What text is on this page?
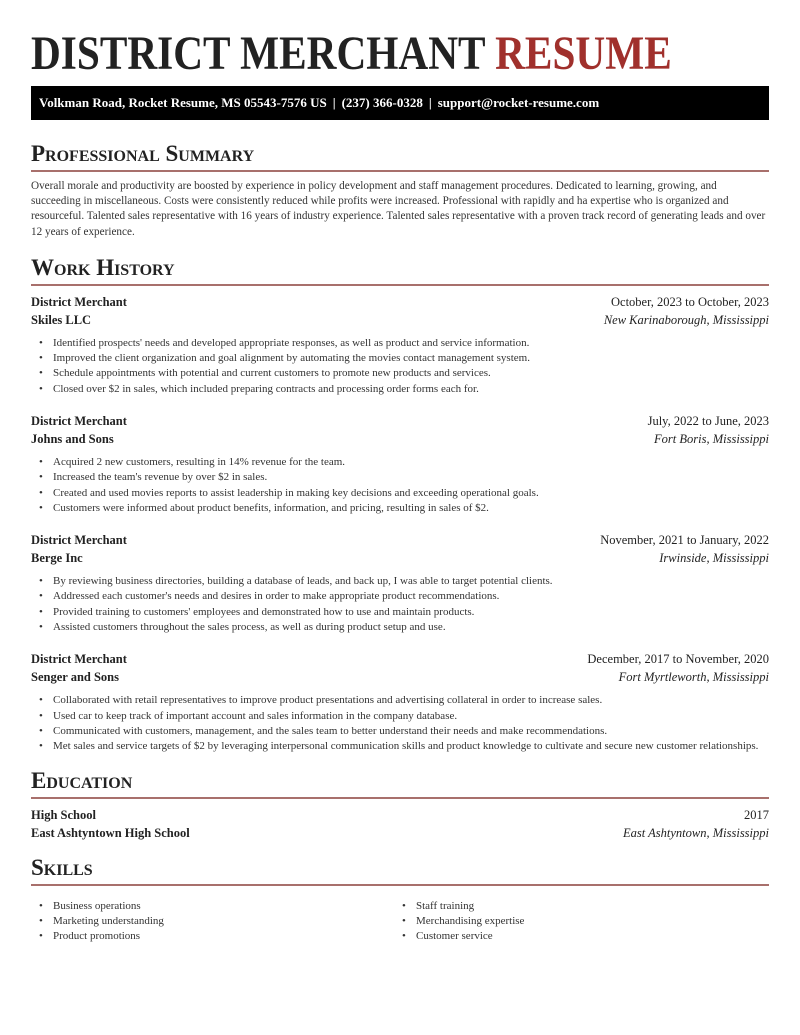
DISTRICT MERCHANT RESUME
Volkman Road, Rocket Resume, MS 05543-7576 US | (237) 366-0328 | support@rocket-resume.com
Professional Summary

Overall morale and productivity are boosted by experience in policy development and staff management procedures. Dedicated to learning, growing, and succeeding in miscellaneous. Costs were consistently reduced while profits were increased. Professional with rapidly and ha expertise who is organized and resourceful. Talented sales representative with 16 years of industry experience. Talented sales representative with a proven track record of generating leads and over 12 years of experience.

Work History
District Merchant	October, 2023 to October, 2023
Skiles LLC	New Karinaborough, Mississippi
• Identified prospects' needs and developed appropriate responses, as well as product and service information.
• Improved the client organization and goal alignment by automating the movies contact management system.
• Schedule appointments with potential and current customers to promote new products and services.
• Closed over $2 in sales, which included preparing contracts and processing order forms each for.
District Merchant	July, 2022 to June, 2023
Johns and Sons	Fort Boris, Mississippi
• Acquired 2 new customers, resulting in 14% revenue for the team.
• Increased the team's revenue by over $2 in sales.
• Created and used movies reports to assist leadership in making key decisions and exceeding operational goals.
• Customers were informed about product benefits, information, and pricing, resulting in sales of $2.
District Merchant	November, 2021 to January, 2022
Berge Inc	Irwinside, Mississippi
• By reviewing business directories, building a database of leads, and back up, I was able to target potential clients.
• Addressed each customer's needs and desires in order to make appropriate product recommendations.
• Provided training to customers' employees and demonstrated how to use and maintain products.
• Assisted customers throughout the sales process, as well as during product setup and use.
District Merchant	December, 2017 to November, 2020
Senger and Sons	Fort Myrtleworth, Mississippi
• Collaborated with retail representatives to improve product presentations and advertising collateral in order to increase sales.
• Used car to keep track of important account and sales information in the company database.
• Communicated with customers, management, and the sales team to better understand their needs and make recommendations.
• Met sales and service targets of $2 by leveraging interpersonal communication skills and product knowledge to cultivate and secure new customer relationships.
Education
High School	2017
East Ashtyntown High School	East Ashtyntown, Mississippi
Skills
• Business operations
• Marketing understanding
• Product promotions
• Staff training
• Merchandising expertise
• Customer service
